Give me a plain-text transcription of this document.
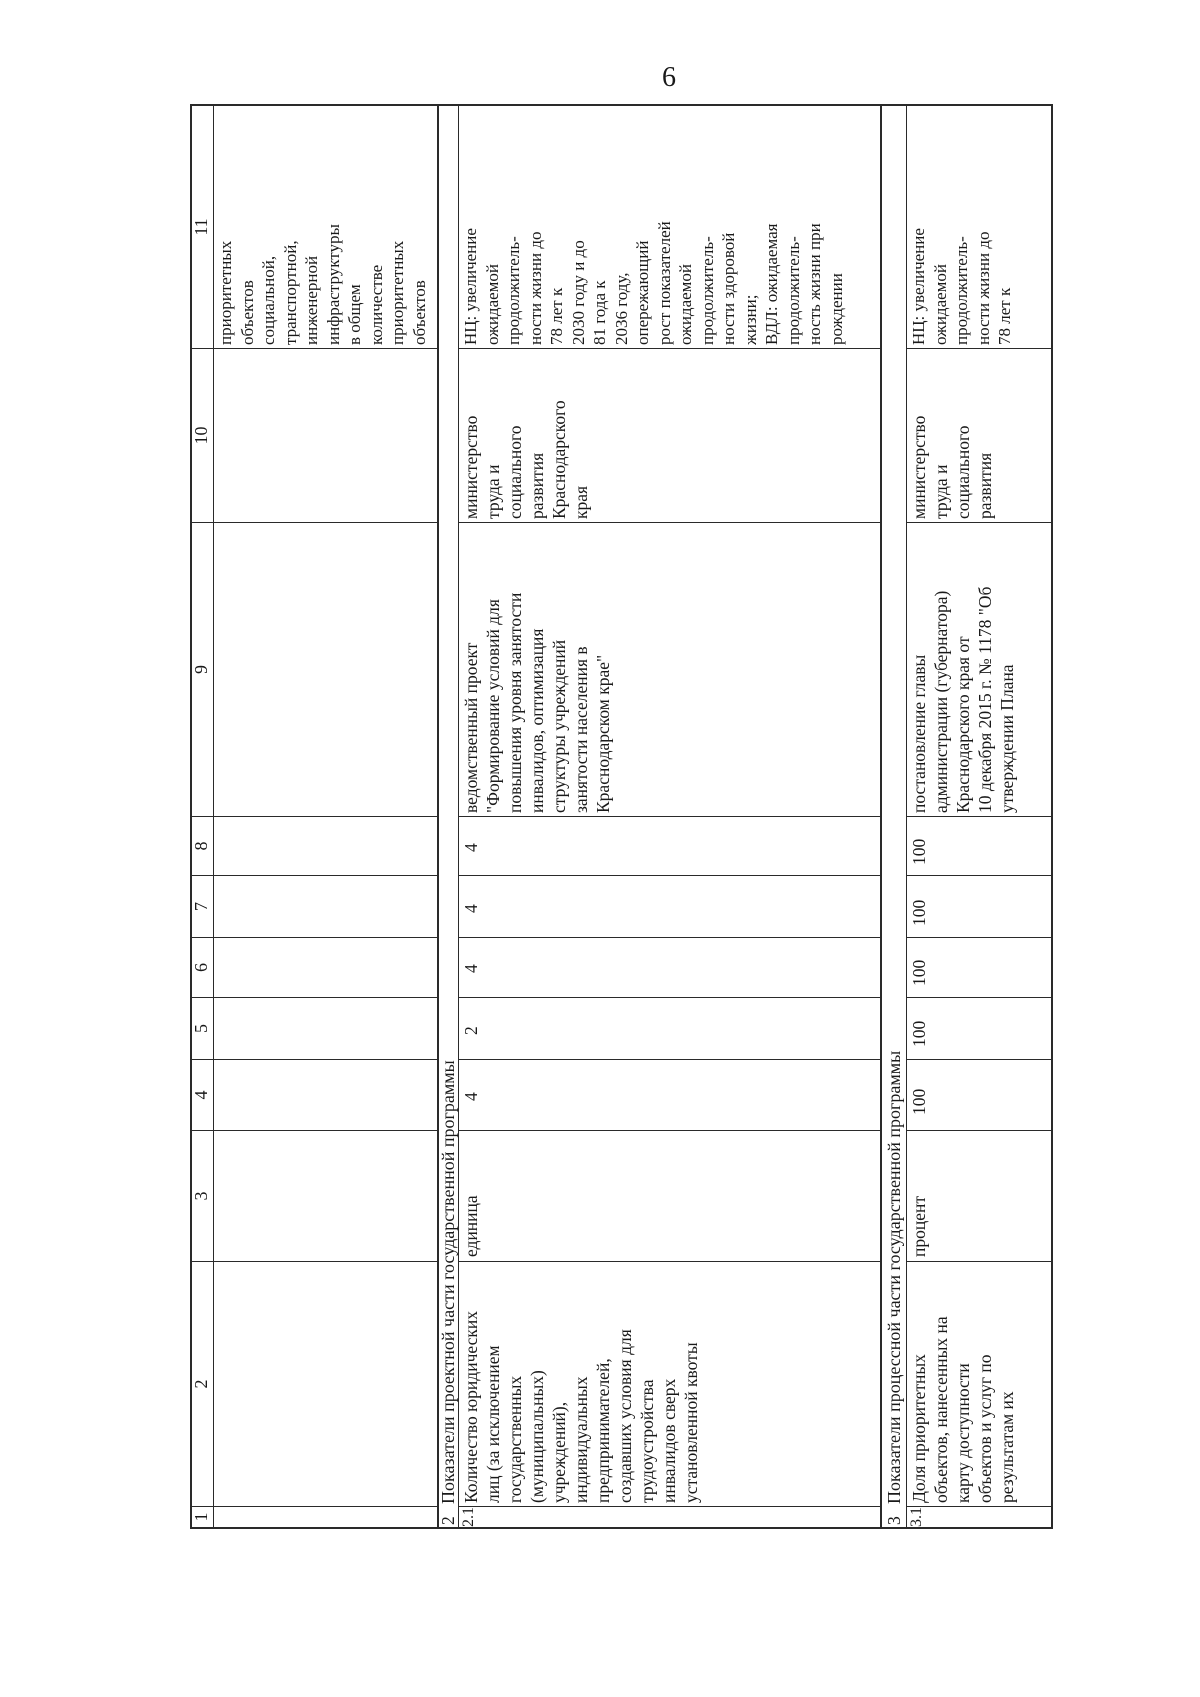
6
1
2
3
4
5
6
7
8
9
10
11
приоритетных
объектов
социальной,
транспортной,
инженерной
инфраструктуры
в общем
количестве
приоритетных
объектов
2
Показатели проектной части государственной программы
2.1
Количество юридических
лиц (за исключением
государственных
(муниципальных)
учреждений),
индивидуальных
предпринимателей,
создавших условия для
трудоустройства
инвалидов сверх
установленной квоты
единица
4
2
4
4
4
ведомственный проект
"Формирование условий для
повышения уровня занятости
инвалидов, оптимизация
структуры учреждений
занятости населения в
Краснодарском крае"
министерство
труда и
социального
развития
Краснодарского
края
НЦ: увеличение
ожидаемой
продолжитель-
ности жизни до
78 лет к
2030 году и до
81 года к
2036 году,
опережающий
рост показателей
ожидаемой
продолжитель-
ности здоровой
жизни;
ВДЛ: ожидаемая
продолжитель-
ность жизни при
рождении
3
Показатели процессной части государственной программы
3.1
Доля приоритетных
объектов, нанесенных на
карту доступности
объектов и услуг по
результатам их
процент
100
100
100
100
100
постановление главы
администрации (губернатора)
Краснодарского края от
10 декабря 2015 г. № 1178 "Об
утверждении Плана
министерство
труда и
социального
развития
НЦ: увеличение
ожидаемой
продолжитель-
ности жизни до
78 лет к
